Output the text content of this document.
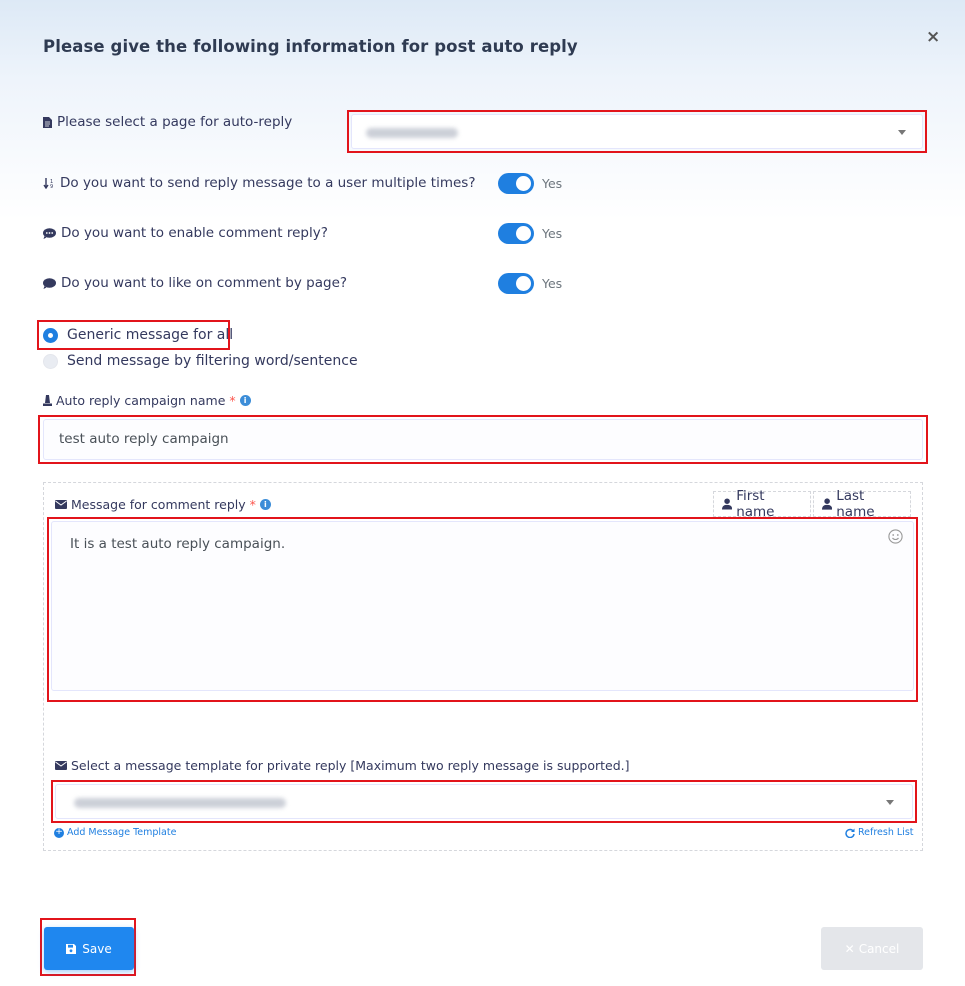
Please give the following information for post auto reply	×
Please select a page for auto-reply
1
9 Do you want to send reply message to a user multiple times?	Yes
Do you want to enable comment reply?	Yes
Do you want to like on comment by page?	Yes
Generic message for all
Send message by filtering word/sentence
Auto reply campaign name *	i
test auto reply campaign
Message for comment reply *	i
First name
Last name
It is a test auto reply campaign.
Select a message template for private reply [Maximum two reply message is supported.]
+ Add Message Template	Refresh List
Save	✕ Cancel
